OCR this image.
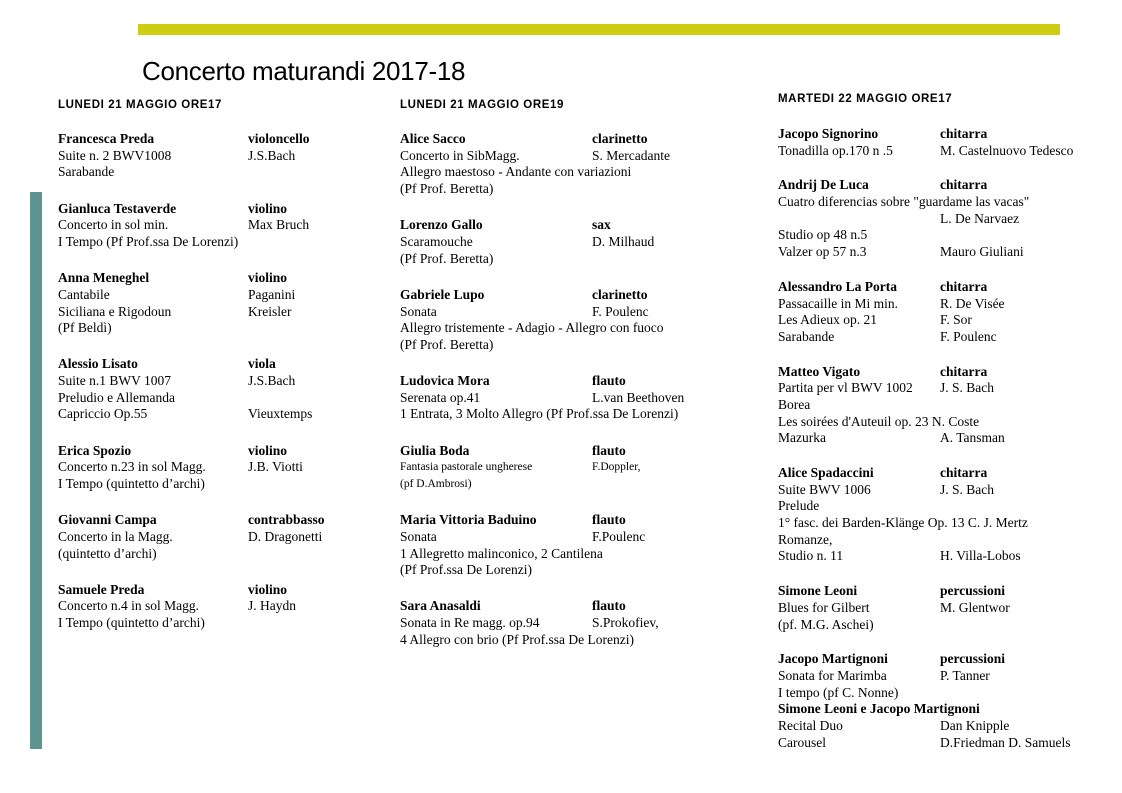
Concerto maturandi 2017-18
LUNEDI 21 MAGGIO ORE17	LUNEDI 21 MAGGIO ORE19	MARTEDI 22 MAGGIO ORE17
Francesca Preda	violoncello
Suite n. 2 BWV1008	J.S.Bach
Sarabande
Gianluca Testaverde	violino
Concerto in sol min.	Max Bruch
I Tempo (Pf Prof.ssa De Lorenzi)
Anna Meneghel	violino
Cantabile	Paganini
Siciliana e Rigodoun	Kreisler
(Pf Beldì)
Alessio Lisato	viola
Suite n.1 BWV 1007	J.S.Bach
Preludio e Allemanda
Capriccio Op.55	Vieuxtemps
Erica Spozio	violino
Concerto n.23 in sol Magg.	J.B. Viotti
I Tempo (quintetto d’archi)
Giovanni Campa	contrabbasso
Concerto in la Magg.	D. Dragonetti
(quintetto d’archi)
Samuele Preda	violino
Concerto n.4 in sol Magg.	J. Haydn
I Tempo (quintetto d’archi)
Alice Sacco	clarinetto
Concerto in SibMagg.	S. Mercadante
Allegro maestoso - Andante con variazioni
(Pf Prof. Beretta)
Lorenzo Gallo	sax
Scaramouche	D. Milhaud
(Pf Prof. Beretta)
Gabriele Lupo	clarinetto
Sonata	F. Poulenc
Allegro tristemente - Adagio - Allegro con fuoco
(Pf Prof. Beretta)
Ludovica Mora	flauto
Serenata op.41	L.van Beethoven
1 Entrata, 3 Molto Allegro (Pf Prof.ssa De Lorenzi)
Giulia Boda	flauto
Fantasia pastorale ungherese	F.Doppler,
(pf D.Ambrosi)
Maria Vittoria Baduino	flauto
Sonata	F.Poulenc
1 Allegretto malinconico, 2 Cantilena
(Pf Prof.ssa De Lorenzi)
Sara Anasaldi	flauto
Sonata in Re magg. op.94	S.Prokofiev,
4 Allegro con brio (Pf Prof.ssa De Lorenzi)
Jacopo Signorino	chitarra
Tonadilla op.170 n .5	M. Castelnuovo Tedesco
Andrij De Luca	chitarra
Cuatro diferencias sobre "guardame las vacas"
L. De Narvaez
Studio op 48 n.5
Valzer op 57 n.3	Mauro Giuliani
Alessandro La Porta	chitarra
Passacaille in Mi min.	R. De Visée
Les Adieux op. 21	F. Sor
Sarabande	F. Poulenc
Matteo Vigato	chitarra
Partita per vl BWV 1002 J. S. Bach
Borea
Les soirées d'Auteuil op. 23 N. Coste
Mazurka	A. Tansman
Alice Spadaccini	chitarra
Suite BWV 1006	J. S. Bach
Prelude
1° fasc. dei Barden-Klänge Op. 13 C. J. Mertz
Romanze,
Studio n. 11	H. Villa-Lobos
Simone Leoni	percussioni
Blues for Gilbert	M. Glentwor
(pf. M.G. Aschei)
Jacopo Martignoni	percussioni
Sonata for Marimba	P. Tanner
I tempo (pf C. Nonne)
Simone Leoni e Jacopo Martignoni
Recital Duo	Dan Knipple
Carousel	D.Friedman D. Samuels
